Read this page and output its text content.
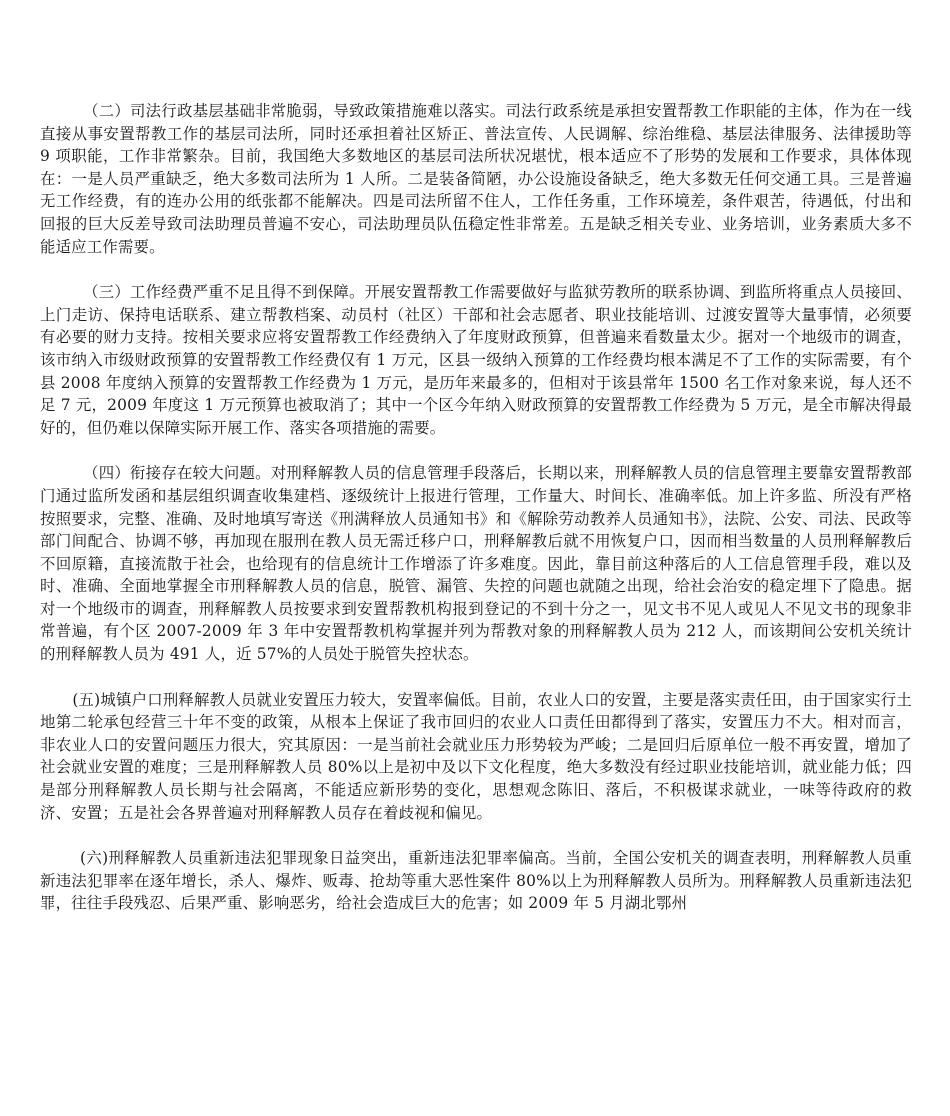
（二）司法行政基层基础非常脆弱，导致政策措施难以落实。司法行政系统是承担安置帮教工作职能的主体，作为在一线直接从事安置帮教工作的基层司法所，同时还承担着社区矫正、普法宣传、人民调解、综治维稳、基层法律服务、法律援助等 9 项职能，工作非常繁杂。目前，我国绝大多数地区的基层司法所状况堪忧，根本适应不了形势的发展和工作要求，具体体现在：一是人员严重缺乏，绝大多数司法所为 1 人所。二是装备简陋，办公设施设备缺乏，绝大多数无任何交通工具。三是普遍无工作经费，有的连办公用的纸张都不能解决。四是司法所留不住人，工作任务重，工作环境差，条件艰苦，待遇低，付出和回报的巨大反差导致司法助理员普遍不安心，司法助理员队伍稳定性非常差。五是缺乏相关专业、业务培训，业务素质大多不能适应工作需要。

（三）工作经费严重不足且得不到保障。开展安置帮教工作需要做好与监狱劳教所的联系协调、到监所将重点人员接回、上门走访、保持电话联系、建立帮教档案、动员村（社区）干部和社会志愿者、职业技能培训、过渡安置等大量事情，必须要有必要的财力支持。按相关要求应将安置帮教工作经费纳入了年度财政预算，但普遍来看数量太少。据对一个地级市的调查，该市纳入市级财政预算的安置帮教工作经费仅有 1 万元，区县一级纳入预算的工作经费均根本满足不了工作的实际需要，有个县 2008 年度纳入预算的安置帮教工作经费为 1 万元，是历年来最多的，但相对于该县常年 1500 名工作对象来说，每人还不足 7 元，2009 年度这 1 万元预算也被取消了；其中一个区今年纳入财政预算的安置帮教工作经费为 5 万元，是全市解决得最好的，但仍难以保障实际开展工作、落实各项措施的需要。

（四）衔接存在较大问题。对刑释解教人员的信息管理手段落后，长期以来，刑释解教人员的信息管理主要靠安置帮教部门通过监所发函和基层组织调查收集建档、逐级统计上报进行管理，工作量大、时间长、准确率低。加上许多监、所没有严格按照要求，完整、准确、及时地填写寄送《刑满释放人员通知书》和《解除劳动教养人员通知书》，法院、公安、司法、民政等部门间配合、协调不够，再加现在服刑在教人员无需迁移户口，刑释解教后就不用恢复户口，因而相当数量的人员刑释解教后不回原籍，直接流散于社会，也给现有的信息统计工作增添了许多难度。因此，靠目前这种落后的人工信息管理手段，难以及时、准确、全面地掌握全市刑释解教人员的信息，脱管、漏管、失控的问题也就随之出现，给社会治安的稳定埋下了隐患。据对一个地级市的调查，刑释解教人员按要求到安置帮教机构报到登记的不到十分之一，见文书不见人或见人不见文书的现象非常普遍，有个区 2007-2009 年 3 年中安置帮教机构掌握并列为帮教对象的刑释解教人员为 212 人，而该期间公安机关统计的刑释解教人员为 491 人，近 57%的人员处于脱管失控状态。

(五)城镇户口刑释解教人员就业安置压力较大，安置率偏低。目前，农业人口的安置，主要是落实责任田，由于国家实行土地第二轮承包经营三十年不变的政策，从根本上保证了我市回归的农业人口责任田都得到了落实，安置压力不大。相对而言，非农业人口的安置问题压力很大，究其原因：一是当前社会就业压力形势较为严峻；二是回归后原单位一般不再安置，增加了社会就业安置的难度；三是刑释解教人员 80%以上是初中及以下文化程度，绝大多数没有经过职业技能培训，就业能力低；四是部分刑释解教人员长期与社会隔离，不能适应新形势的变化，思想观念陈旧、落后，不积极谋求就业，一味等待政府的救济、安置；五是社会各界普遍对刑释解教人员存在着歧视和偏见。

(六)刑释解教人员重新违法犯罪现象日益突出，重新违法犯罪率偏高。当前，全国公安机关的调查表明，刑释解教人员重新违法犯罪率在逐年增长，杀人、爆炸、贩毒、抢劫等重大恶性案件 80%以上为刑释解教人员所为。刑释解教人员重新违法犯罪，往往手段残忍、后果严重、影响恶劣，给社会造成巨大的危害；如 2009 年 5 月湖北鄂州
